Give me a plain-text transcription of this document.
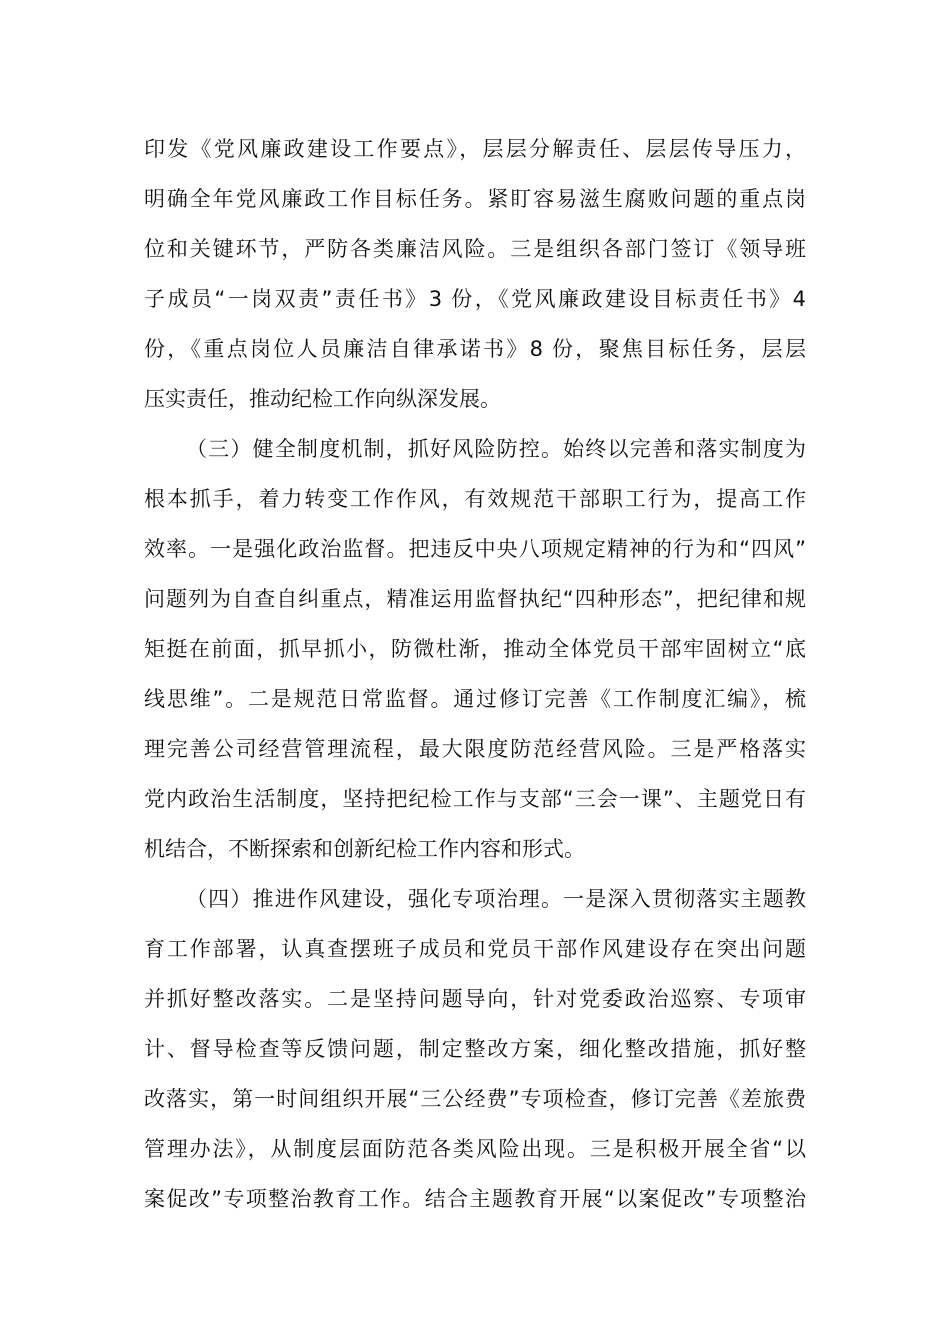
印发《党风廉政建设工作要点》，层层分解责任、层层传导压力，
明确全年党风廉政工作目标任务。紧盯容易滋生腐败问题的重点岗
位和关键环节，严防各类廉洁风险。三是组织各部门签订《领导班
子成员“一岗双责”责任书》3 份，《党风廉政建设目标责任书》4
份，《重点岗位人员廉洁自律承诺书》8 份，聚焦目标任务，层层
压实责任，推动纪检工作向纵深发展。
（三）健全制度机制，抓好风险防控。始终以完善和落实制度为
根本抓手，着力转变工作作风，有效规范干部职工行为，提高工作
效率。一是强化政治监督。把违反中央八项规定精神的行为和“四风”
问题列为自查自纠重点，精准运用监督执纪“四种形态”，把纪律和规
矩挺在前面，抓早抓小，防微杜渐，推动全体党员干部牢固树立“底
线思维”。二是规范日常监督。通过修订完善《工作制度汇编》，梳
理完善公司经营管理流程，最大限度防范经营风险。三是严格落实
党内政治生活制度，坚持把纪检工作与支部“三会一课”、主题党日有
机结合，不断探索和创新纪检工作内容和形式。
（四）推进作风建设，强化专项治理。一是深入贯彻落实主题教
育工作部署，认真查摆班子成员和党员干部作风建设存在突出问题
并抓好整改落实。二是坚持问题导向，针对党委政治巡察、专项审
计、督导检查等反馈问题，制定整改方案，细化整改措施，抓好整
改落实，第一时间组织开展“三公经费”专项检查，修订完善《差旅费
管理办法》，从制度层面防范各类风险出现。三是积极开展全省“以
案促改”专项整治教育工作。结合主题教育开展“以案促改”专项整治
